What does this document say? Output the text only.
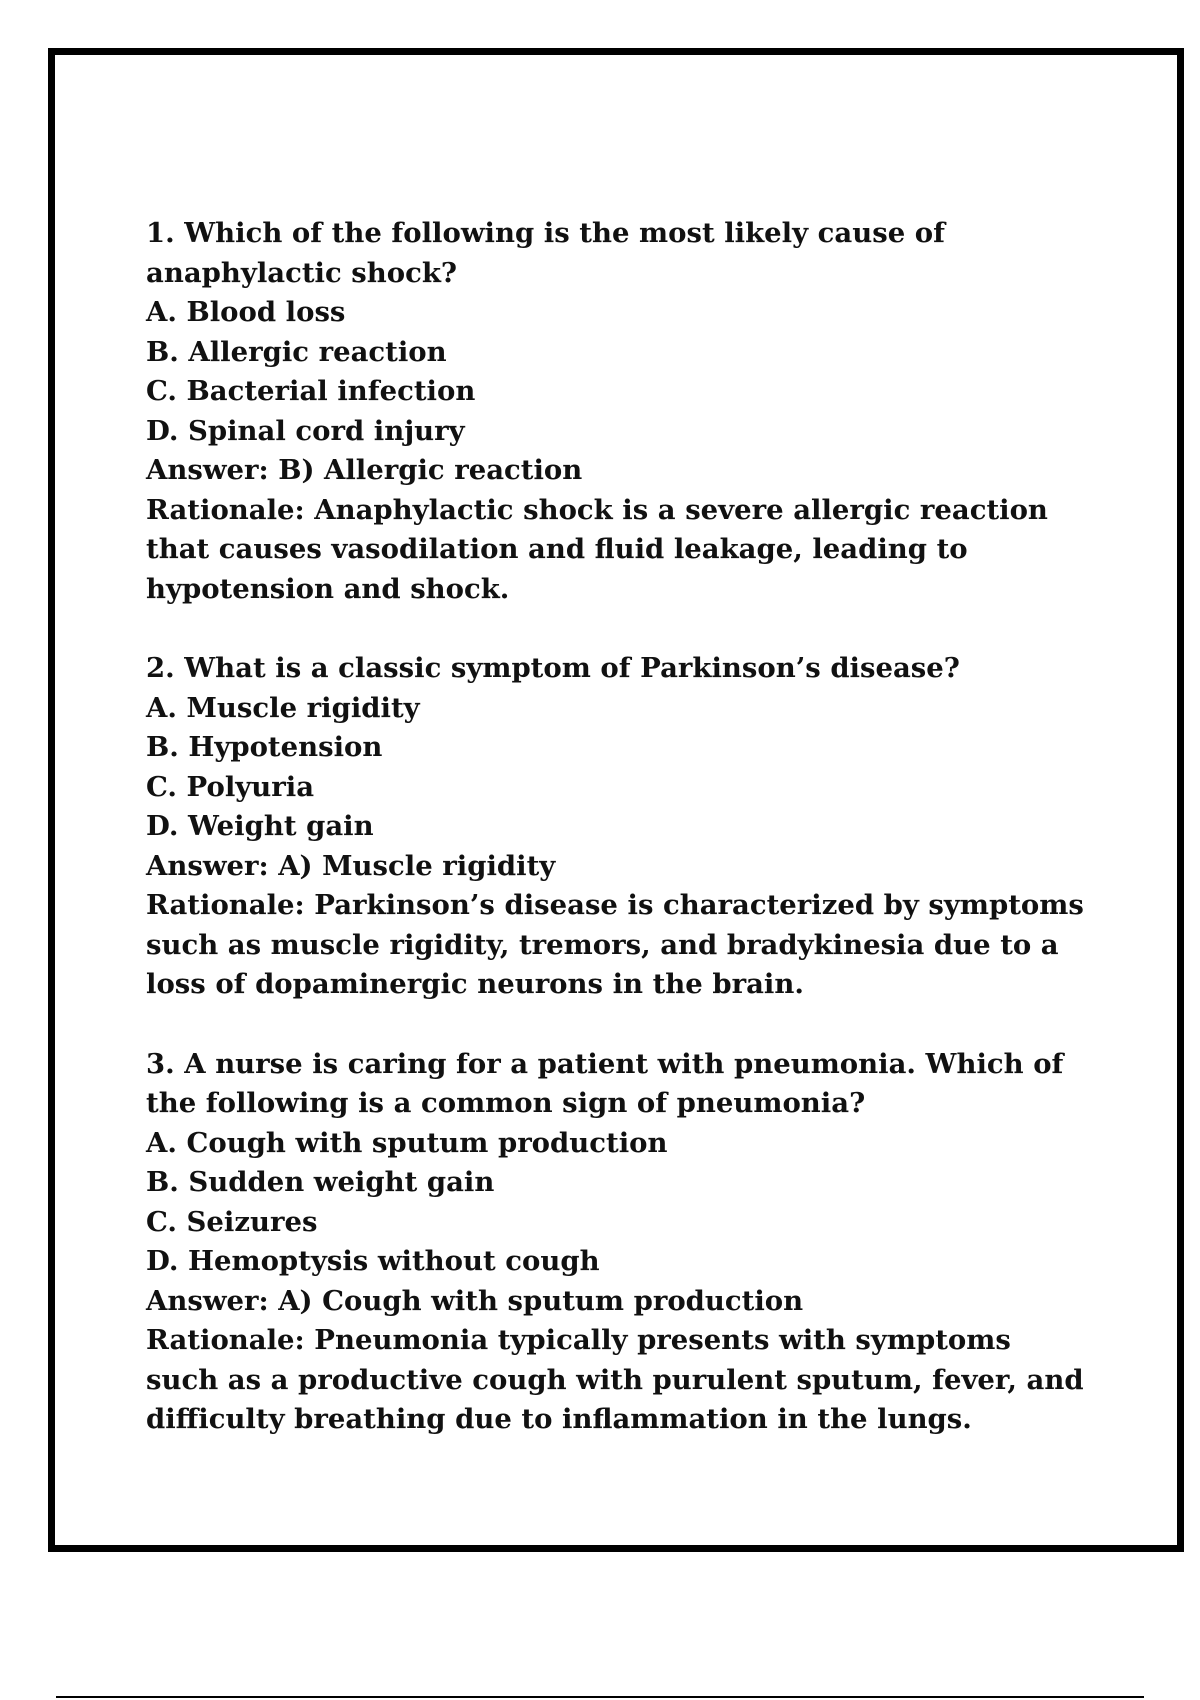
1. Which of the following is the most likely cause of anaphylactic shock?
A. Blood loss
B. Allergic reaction
C. Bacterial infection
D. Spinal cord injury
Answer: B) Allergic reaction
Rationale: Anaphylactic shock is a severe allergic reaction that causes vasodilation and fluid leakage, leading to hypotension and shock.
2. What is a classic symptom of Parkinson’s disease?
A. Muscle rigidity
B. Hypotension
C. Polyuria
D. Weight gain
Answer: A) Muscle rigidity
Rationale: Parkinson’s disease is characterized by symptoms such as muscle rigidity, tremors, and bradykinesia due to a loss of dopaminergic neurons in the brain.
3. A nurse is caring for a patient with pneumonia. Which of the following is a common sign of pneumonia?
A. Cough with sputum production
B. Sudden weight gain
C. Seizures
D. Hemoptysis without cough
Answer: A) Cough with sputum production
Rationale: Pneumonia typically presents with symptoms such as a productive cough with purulent sputum, fever, and difficulty breathing due to inflammation in the lungs.
